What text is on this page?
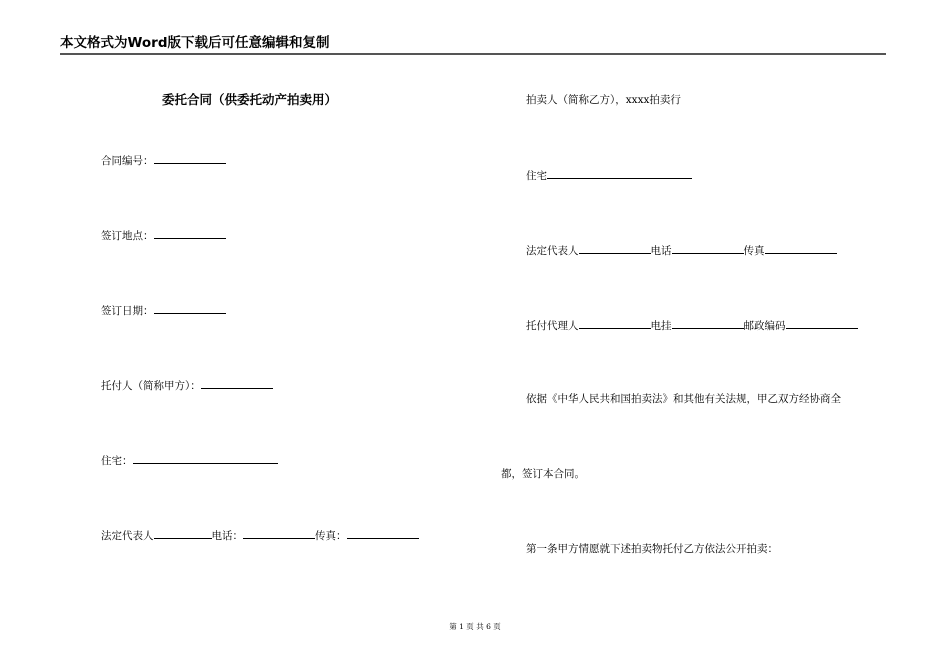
本文格式为Word版下载后可任意编辑和复制
委托合同（供委托动产拍卖用）
合同编号：
签订地点：
签订日期：
托付人（简称甲方）：
住宅：
法定代表人	电话：	传真：
拍卖人（简称乙方），xxxx拍卖行
住宅
法定代表人	电话	传真
托付代理人	电挂	邮政编码
依据《中华人民共和国拍卖法》和其他有关法规，甲乙双方经协商全
都，签订本合同。
第一条甲方情愿就下述拍卖物托付乙方依法公开拍卖：
第 1 页 共 6 页
